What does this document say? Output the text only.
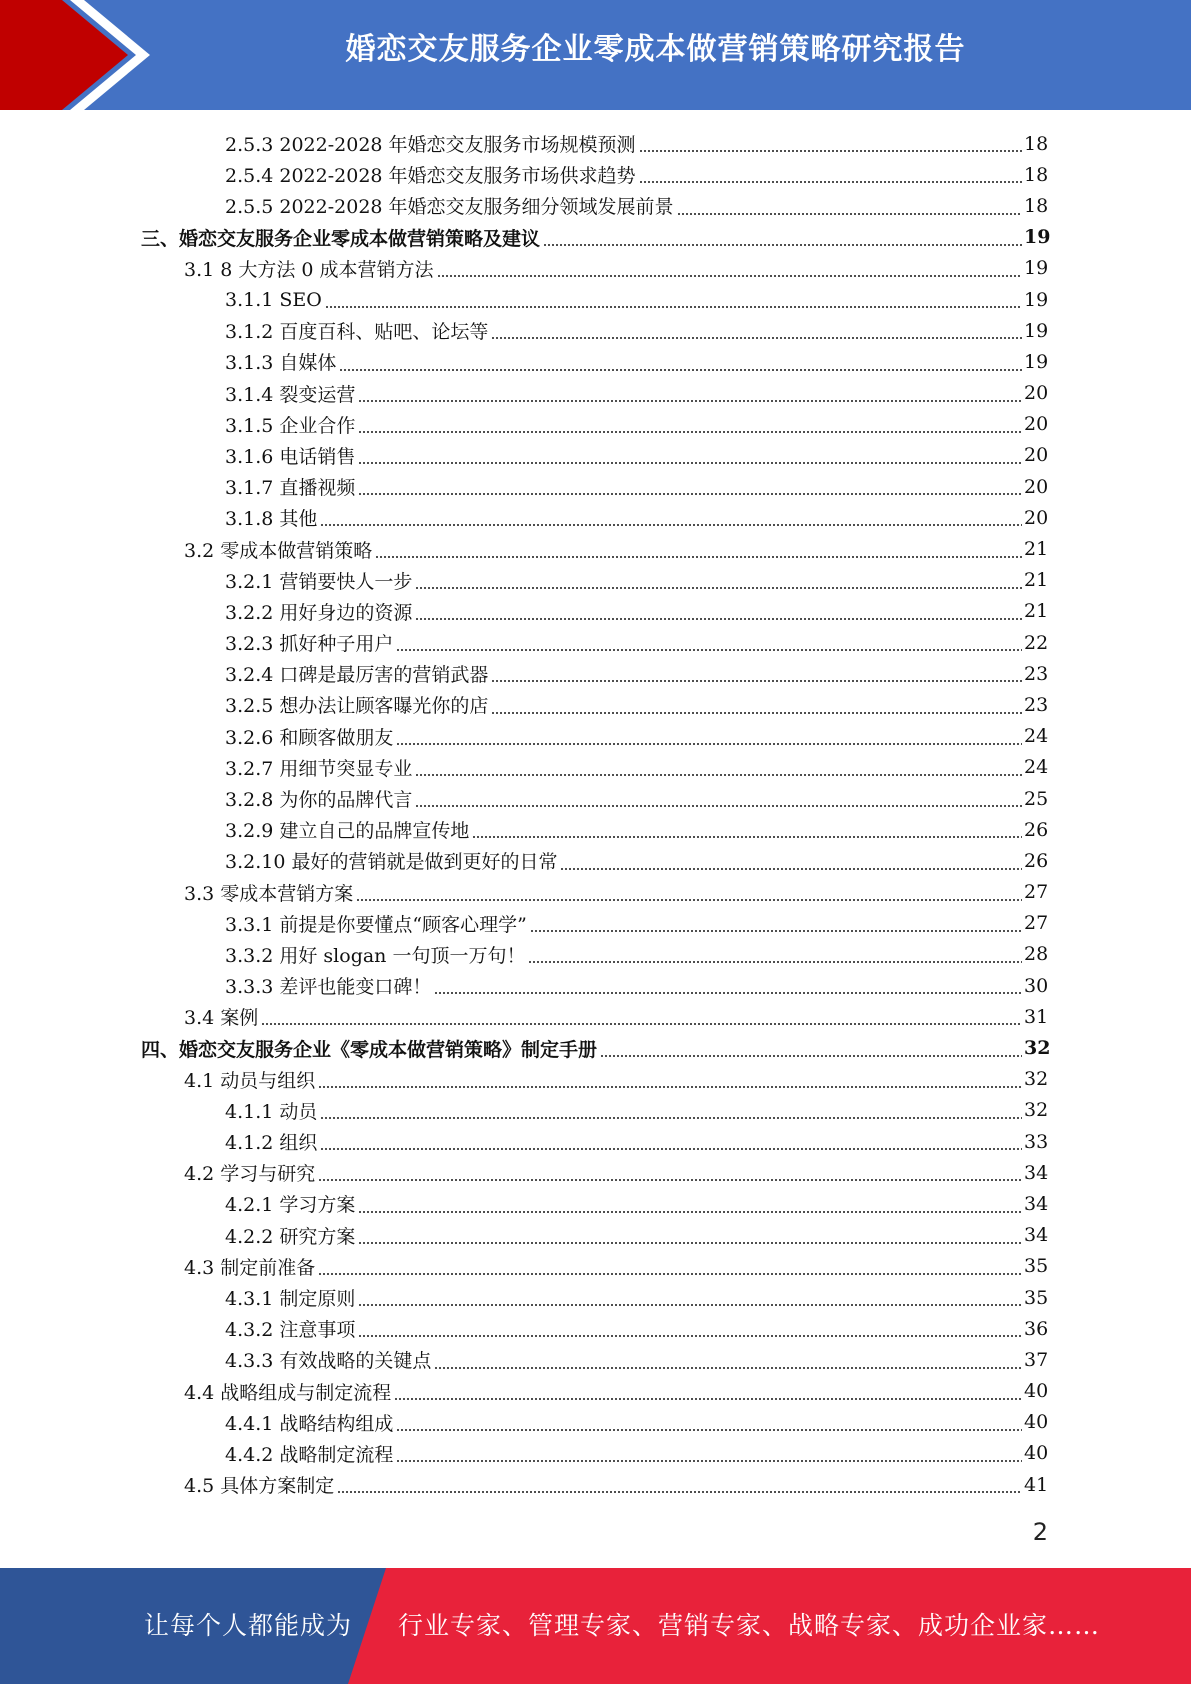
婚恋交友服务企业零成本做营销策略研究报告
2.5.3 2022-2028 年婚恋交友服务市场规模预测	18
2.5.4 2022-2028 年婚恋交友服务市场供求趋势	18
2.5.5 2022-2028 年婚恋交友服务细分领域发展前景	18
三、婚恋交友服务企业零成本做营销策略及建议	19
3.1 8 大方法 0 成本营销方法	19
3.1.1 SEO	19
3.1.2 百度百科、贴吧、论坛等	19
3.1.3 自媒体	19
3.1.4 裂变运营	20
3.1.5 企业合作	20
3.1.6 电话销售	20
3.1.7 直播视频	20
3.1.8 其他	20
3.2 零成本做营销策略	21
3.2.1 营销要快人一步	21
3.2.2 用好身边的资源	21
3.2.3 抓好种子用户	22
3.2.4 口碑是最厉害的营销武器	23
3.2.5 想办法让顾客曝光你的店	23
3.2.6 和顾客做朋友	24
3.2.7 用细节突显专业	24
3.2.8 为你的品牌代言	25
3.2.9 建立自己的品牌宣传地	26
3.2.10 最好的营销就是做到更好的日常	26
3.3 零成本营销方案	27
3.3.1 前提是你要懂点“顾客心理学”	27
3.3.2 用好 slogan 一句顶一万句！	28
3.3.3 差评也能变口碑！	30
3.4 案例	31
四、婚恋交友服务企业《零成本做营销策略》制定手册	32
4.1 动员与组织	32
4.1.1 动员	32
4.1.2 组织	33
4.2 学习与研究	34
4.2.1 学习方案	34
4.2.2 研究方案	34
4.3 制定前准备	35
4.3.1 制定原则	35
4.3.2 注意事项	36
4.3.3 有效战略的关键点	37
4.4 战略组成与制定流程	40
4.4.1 战略结构组成	40
4.4.2 战略制定流程	40
4.5 具体方案制定	41
2
让每个人都能成为 行业专家、管理专家、营销专家、战略专家、成功企业家……
